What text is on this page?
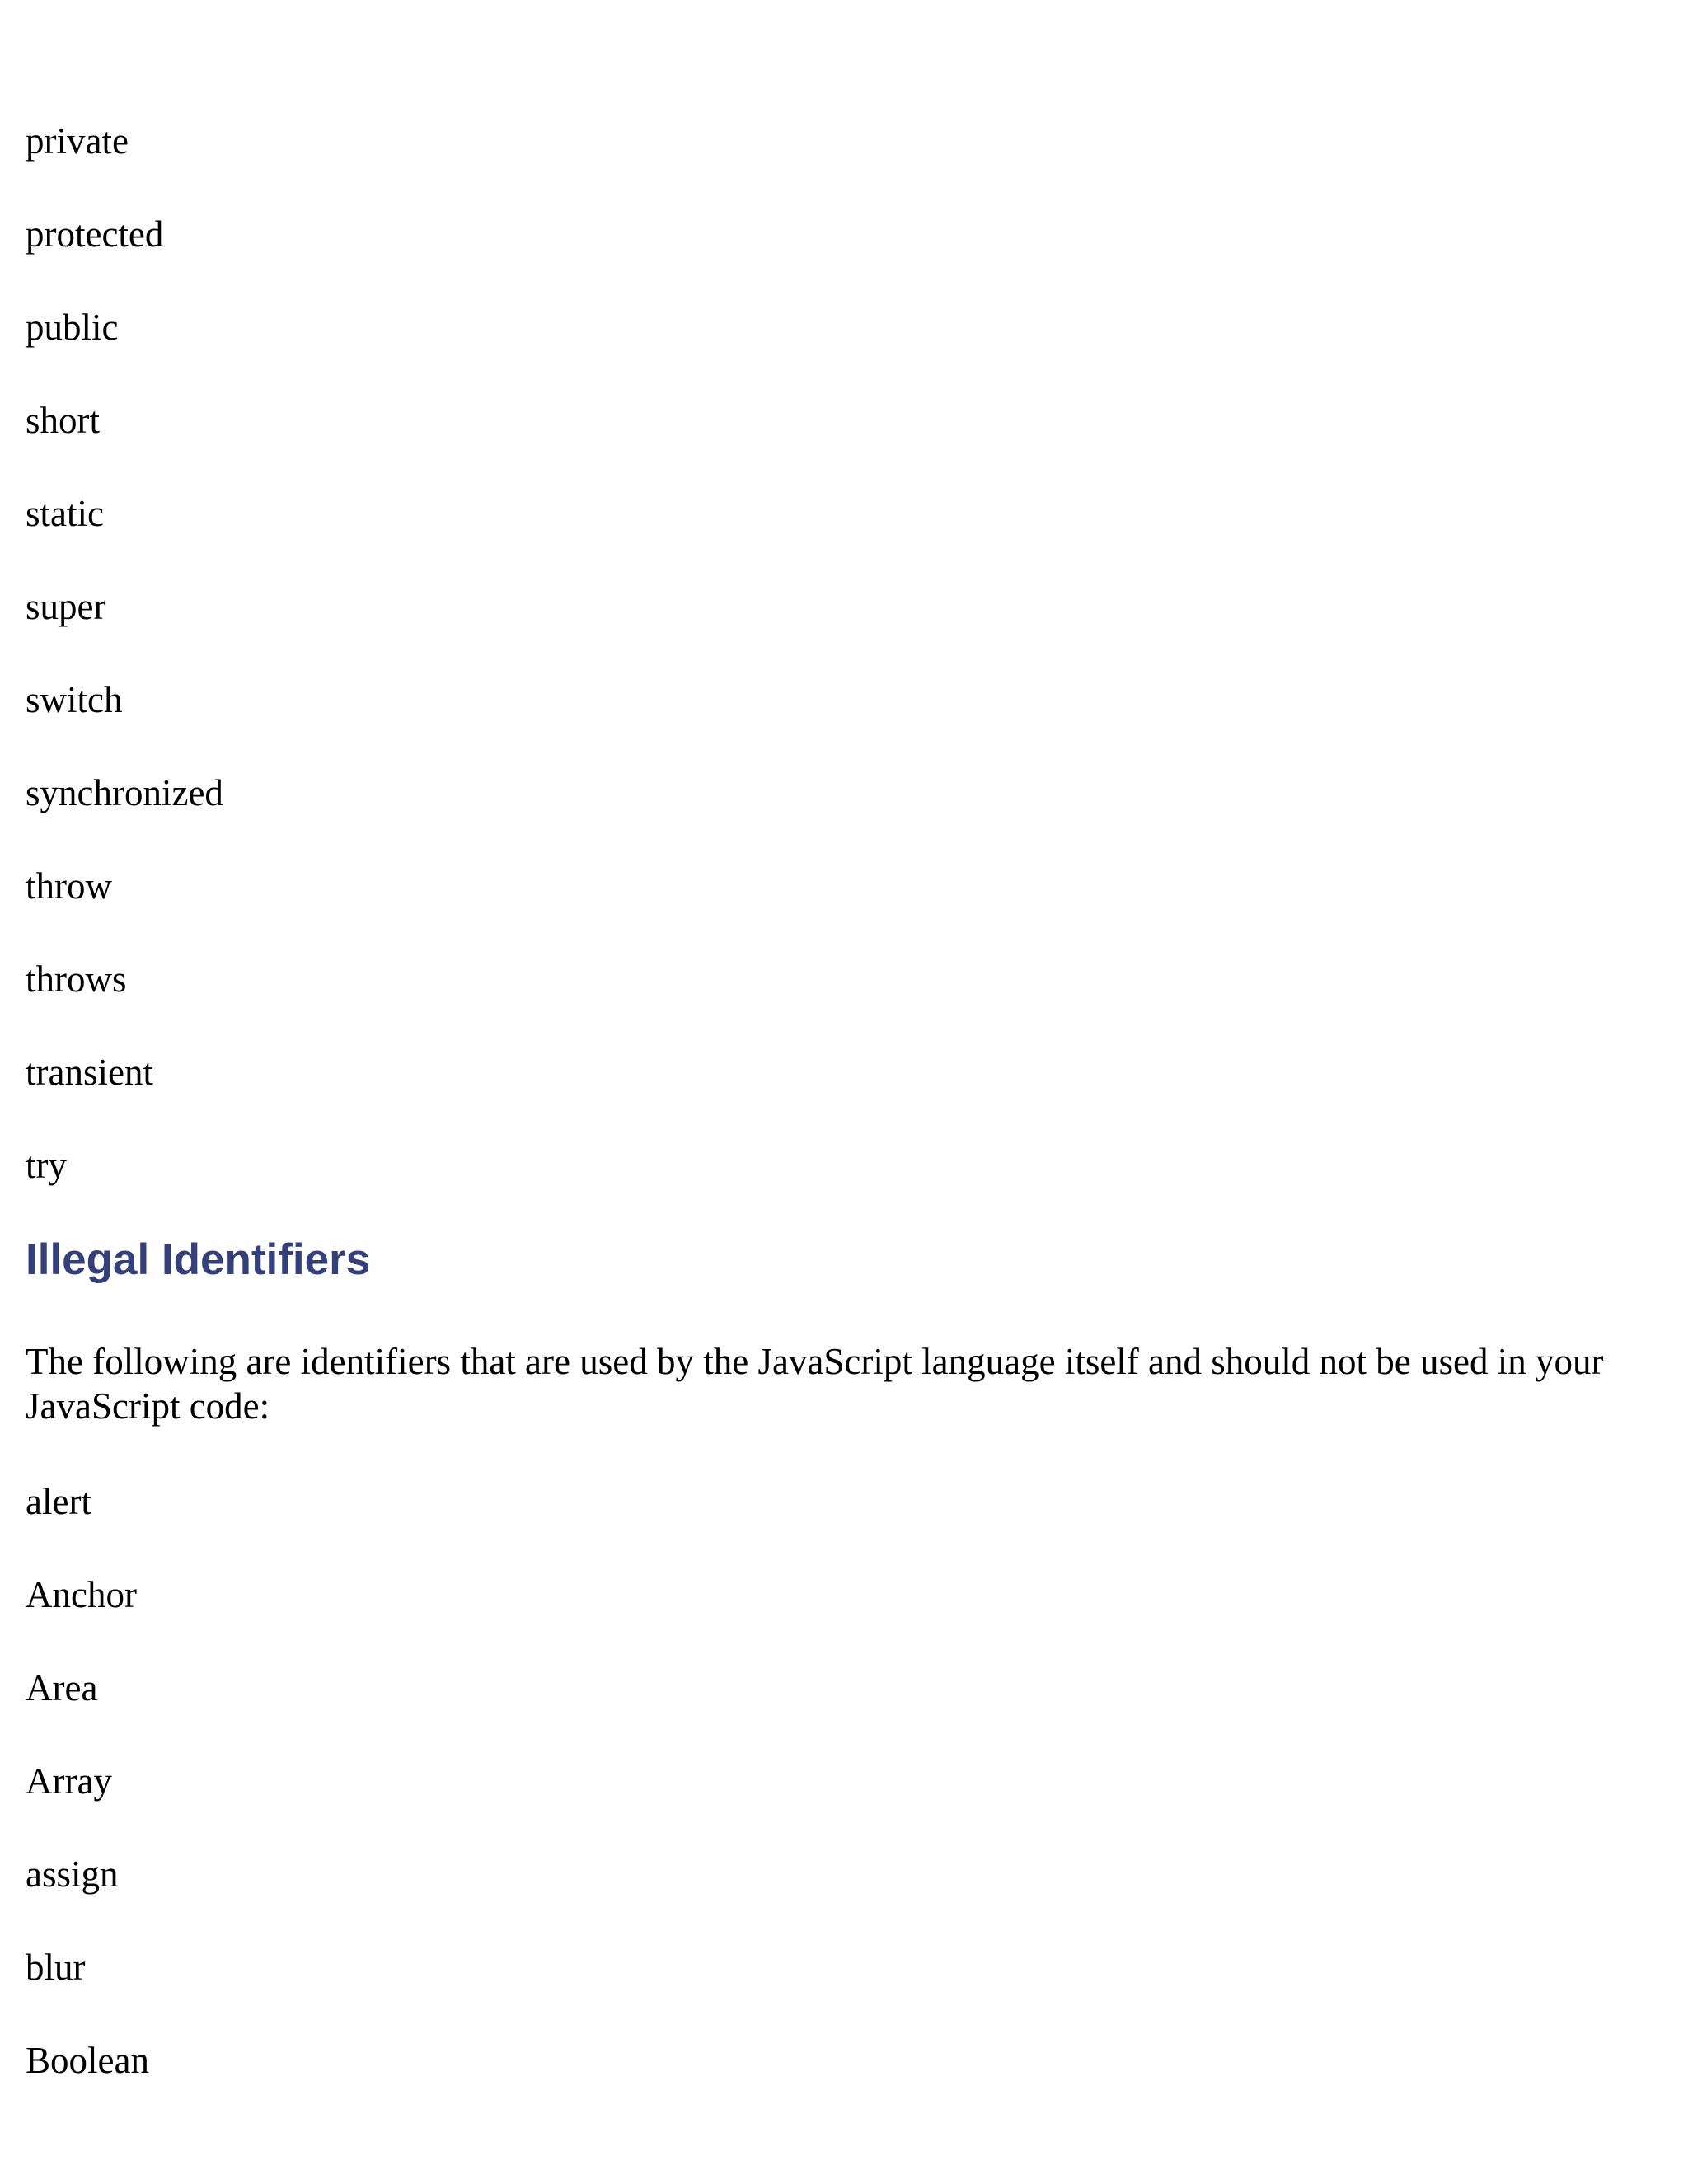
private

protected

public

short

static

super

switch

synchronized

throw

throws

transient

try

Illegal Identifiers

The following are identifiers that are used by the JavaScript language itself and should not be used in your JavaScript code:

alert

Anchor

Area

Array

assign

blur

Boolean
